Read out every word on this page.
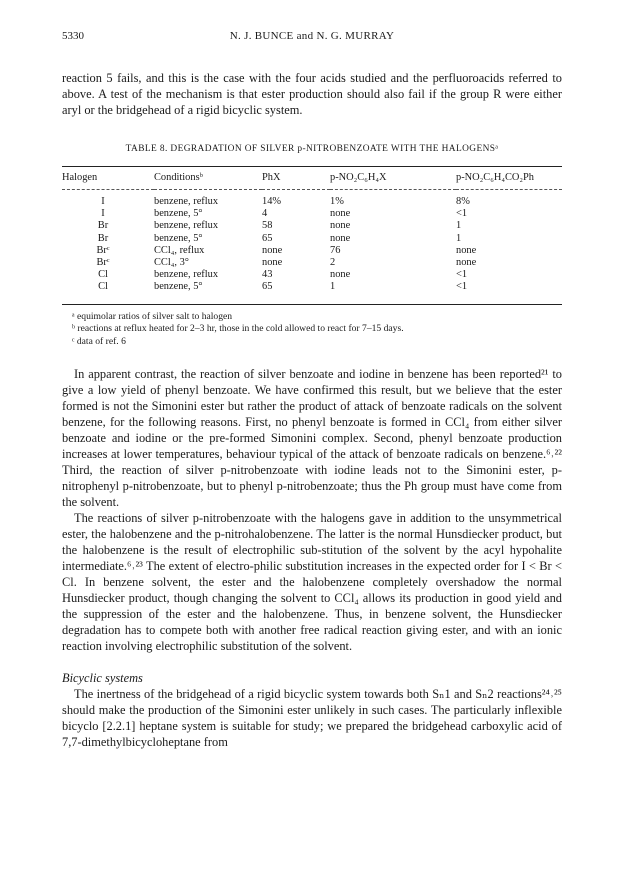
5330	N. J. BUNCE and N. G. MURRAY

reaction 5 fails, and this is the case with the four acids studied and the perfluoroacids referred to above. A test of the mechanism is that ester production should also fail if the group R were either aryl or the bridgehead of a rigid bicyclic system.

TABLE 8. DEGRADATION OF SILVER p-NITROBENZOATE WITH THE HALOGENSᵃ
Halogen	Conditionsᵇ	PhX	p-NO₂C₆H₄X	p-NO₂C₆H₄CO₂Ph
I	benzene, reflux	14%	1%	8%
I	benzene, 5°	4	none	<1
Br	benzene, reflux	58	none	1
Br	benzene, 5°	65	none	1
Brᶜ	CCl₄, reflux	none	76	none
Brᶜ	CCl₄, 3°	none	2	none
Cl	benzene, reflux	43	none	<1
Cl	benzene, 5°	65	1	<1
ᵃ equimolar ratios of silver salt to halogen
ᵇ reactions at reflux heated for 2–3 hr, those in the cold allowed to react for 7–15 days.
ᶜ data of ref. 6

In apparent contrast, the reaction of silver benzoate and iodine in benzene has been reported²¹ to give a low yield of phenyl benzoate. We have confirmed this result, but we believe that the ester formed is not the Simonini ester but rather the product of attack of benzoate radicals on the solvent benzene, for the following reasons. First, no phenyl benzoate is formed in CCl₄ from either silver benzoate and iodine or the pre-formed Simonini complex. Second, phenyl benzoate production increases at lower temperatures, behaviour typical of the attack of benzoate radicals on benzene.⁶˒²² Third, the reaction of silver p-nitrobenzoate with iodine leads not to the Simonini ester, p-nitrophenyl p-nitrobenzoate, but to phenyl p-nitrobenzoate; thus the Ph group must have come from the solvent.

The reactions of silver p-nitrobenzoate with the halogens gave in addition to the unsymmetrical ester, the halobenzene and the p-nitrohalobenzene. The latter is the normal Hunsdiecker product, but the halobenzene is the result of electrophilic sub-stitution of the solvent by the acyl hypohalite intermediate.⁶˒²³ The extent of electro-philic substitution increases in the expected order for I < Br < Cl. In benzene solvent, the ester and the halobenzene completely overshadow the normal Hunsdiecker product, though changing the solvent to CCl₄ allows its production in good yield and the suppression of the ester and the halobenzene. Thus, in benzene solvent, the Hunsdiecker degradation has to compete both with another free radical reaction giving ester, and with an ionic reaction involving electrophilic substitution of the solvent.

Bicyclic systems

The inertness of the bridgehead of a rigid bicyclic system towards both Sₙ1 and Sₙ2 reactions²⁴˒²⁵ should make the production of the Simonini ester unlikely in such cases. The particularly inflexible bicyclo [2.2.1] heptane system is suitable for study; we prepared the bridgehead carboxylic acid of 7,7-dimethylbicycloheptane from
